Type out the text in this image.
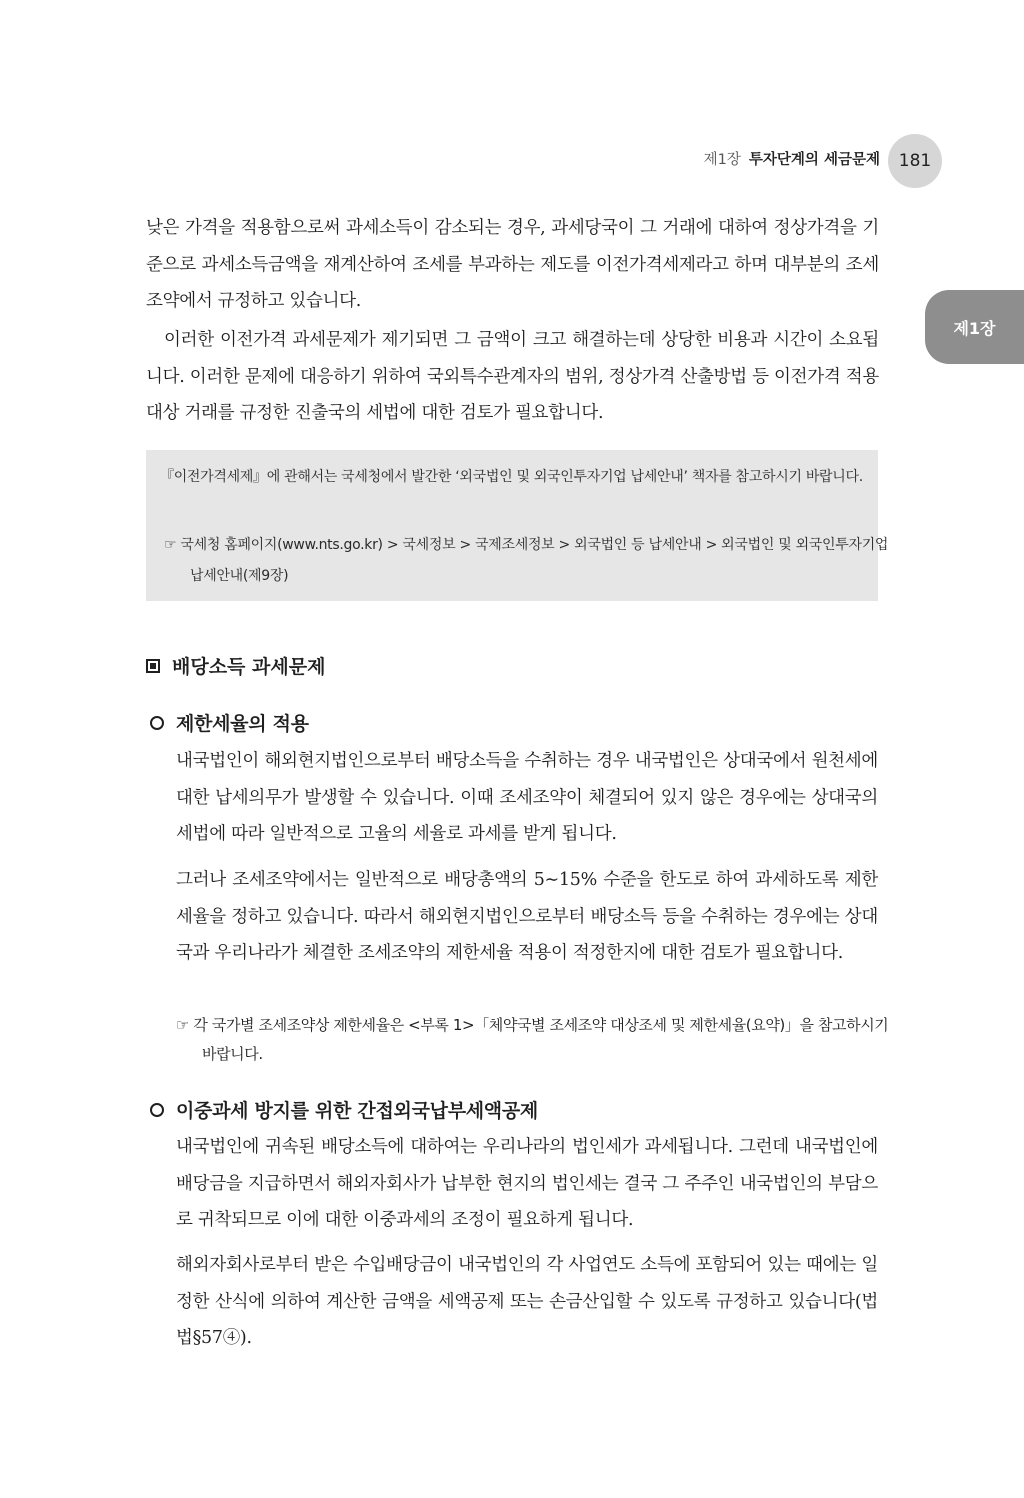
제1장 투자단계의 세금문제	181
제1장

낮은 가격을 적용함으로써 과세소득이 감소되는 경우, 과세당국이 그 거래에 대하여 정상가격을 기준으로 과세소득금액을 재계산하여 조세를 부과하는 제도를 이전가격세제라고 하며 대부분의 조세조약에서 규정하고 있습니다.

이러한 이전가격 과세문제가 제기되면 그 금액이 크고 해결하는데 상당한 비용과 시간이 소요됩니다. 이러한 문제에 대응하기 위하여 국외특수관계자의 범위, 정상가격 산출방법 등 이전가격 적용대상 거래를 규정한 진출국의 세법에 대한 검토가 필요합니다.

『이전가격세제』에 관해서는 국세청에서 발간한 ‘외국법인 및 외국인투자기업 납세안내’ 책자를 참고하시기 바랍니다.

☞ 국세청 홈페이지(www.nts.go.kr) > 국세정보 > 국제조세정보 > 외국법인 등 납세안내 > 외국법인 및 외국인투자기업 납세안내(제9장)

배당소득 과세문제
제한세율의 적용

내국법인이 해외현지법인으로부터 배당소득을 수취하는 경우 내국법인은 상대국에서 원천세에 대한 납세의무가 발생할 수 있습니다. 이때 조세조약이 체결되어 있지 않은 경우에는 상대국의 세법에 따라 일반적으로 고율의 세율로 과세를 받게 됩니다.

그러나 조세조약에서는 일반적으로 배당총액의 5∼15% 수준을 한도로 하여 과세하도록 제한세율을 정하고 있습니다. 따라서 해외현지법인으로부터 배당소득 등을 수취하는 경우에는 상대국과 우리나라가 체결한 조세조약의 제한세율 적용이 적정한지에 대한 검토가 필요합니다.

☞ 각 국가별 조세조약상 제한세율은 <부록 1>「체약국별 조세조약 대상조세 및 제한세율(요약)」을 참고하시기 바랍니다.

이중과세 방지를 위한 간접외국납부세액공제

내국법인에 귀속된 배당소득에 대하여는 우리나라의 법인세가 과세됩니다. 그런데 내국법인에 배당금을 지급하면서 해외자회사가 납부한 현지의 법인세는 결국 그 주주인 내국법인의 부담으로 귀착되므로 이에 대한 이중과세의 조정이 필요하게 됩니다.

해외자회사로부터 받은 수입배당금이 내국법인의 각 사업연도 소득에 포함되어 있는 때에는 일정한 산식에 의하여 계산한 금액을 세액공제 또는 손금산입할 수 있도록 규정하고 있습니다(법법§57④).
